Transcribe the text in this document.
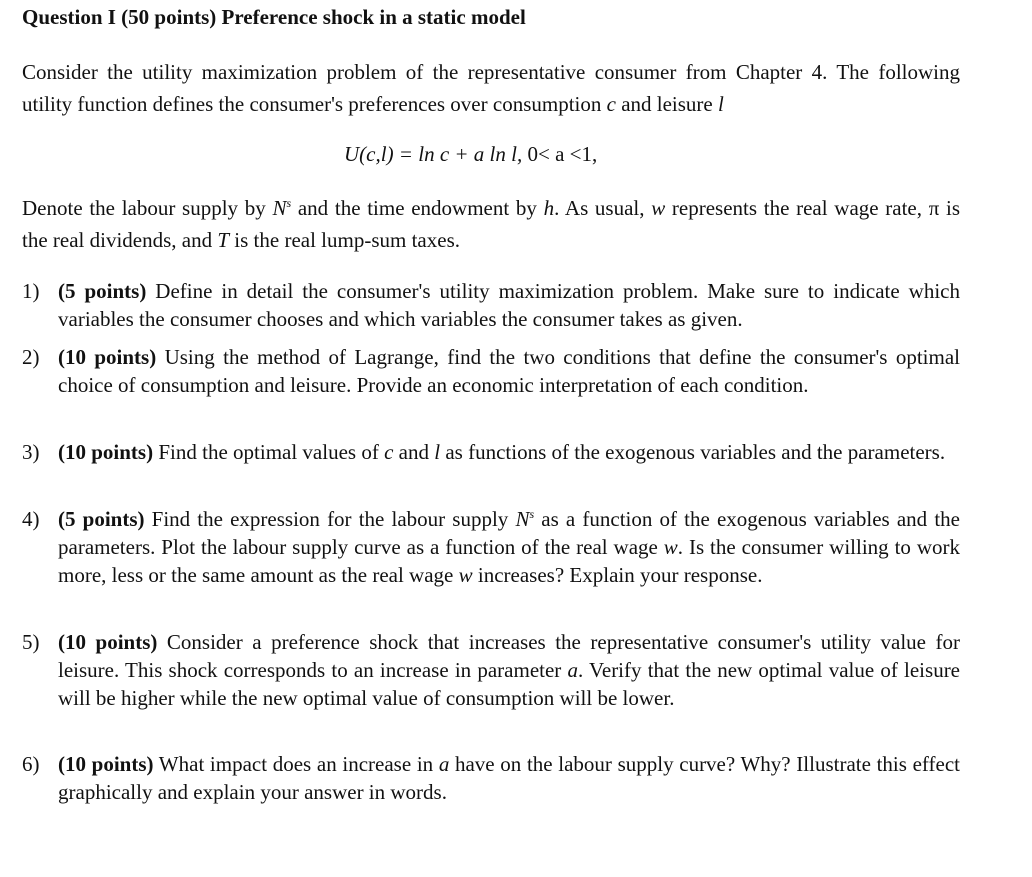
Question I (50 points) Preference shock in a static model
Consider the utility maximization problem of the representative consumer from Chapter 4. The following utility function defines the consumer's preferences over consumption c and leisure l
U(c,l) = ln c + a ln l, 0< a <1,
Denote the labour supply by $N^s$ and the time endowment by h. As usual, w represents the real wage rate, π is the real dividends, and T is the real lump-sum taxes.
1) (5 points) Define in detail the consumer's utility maximization problem. Make sure to indicate which variables the consumer chooses and which variables the consumer takes as given.
2) (10 points) Using the method of Lagrange, find the two conditions that define the consumer's optimal choice of consumption and leisure. Provide an economic interpretation of each condition.
3) (10 points) Find the optimal values of c and l as functions of the exogenous variables and the parameters.
4) (5 points) Find the expression for the labour supply $N^s$ as a function of the exogenous variables and the parameters. Plot the labour supply curve as a function of the real wage w. Is the consumer willing to work more, less or the same amount as the real wage w increases? Explain your response.
5) (10 points) Consider a preference shock that increases the representative consumer's utility value for leisure. This shock corresponds to an increase in parameter a. Verify that the new optimal value of leisure will be higher while the new optimal value of consumption will be lower.
6) (10 points) What impact does an increase in a have on the labour supply curve? Why? Illustrate this effect graphically and explain your answer in words.
